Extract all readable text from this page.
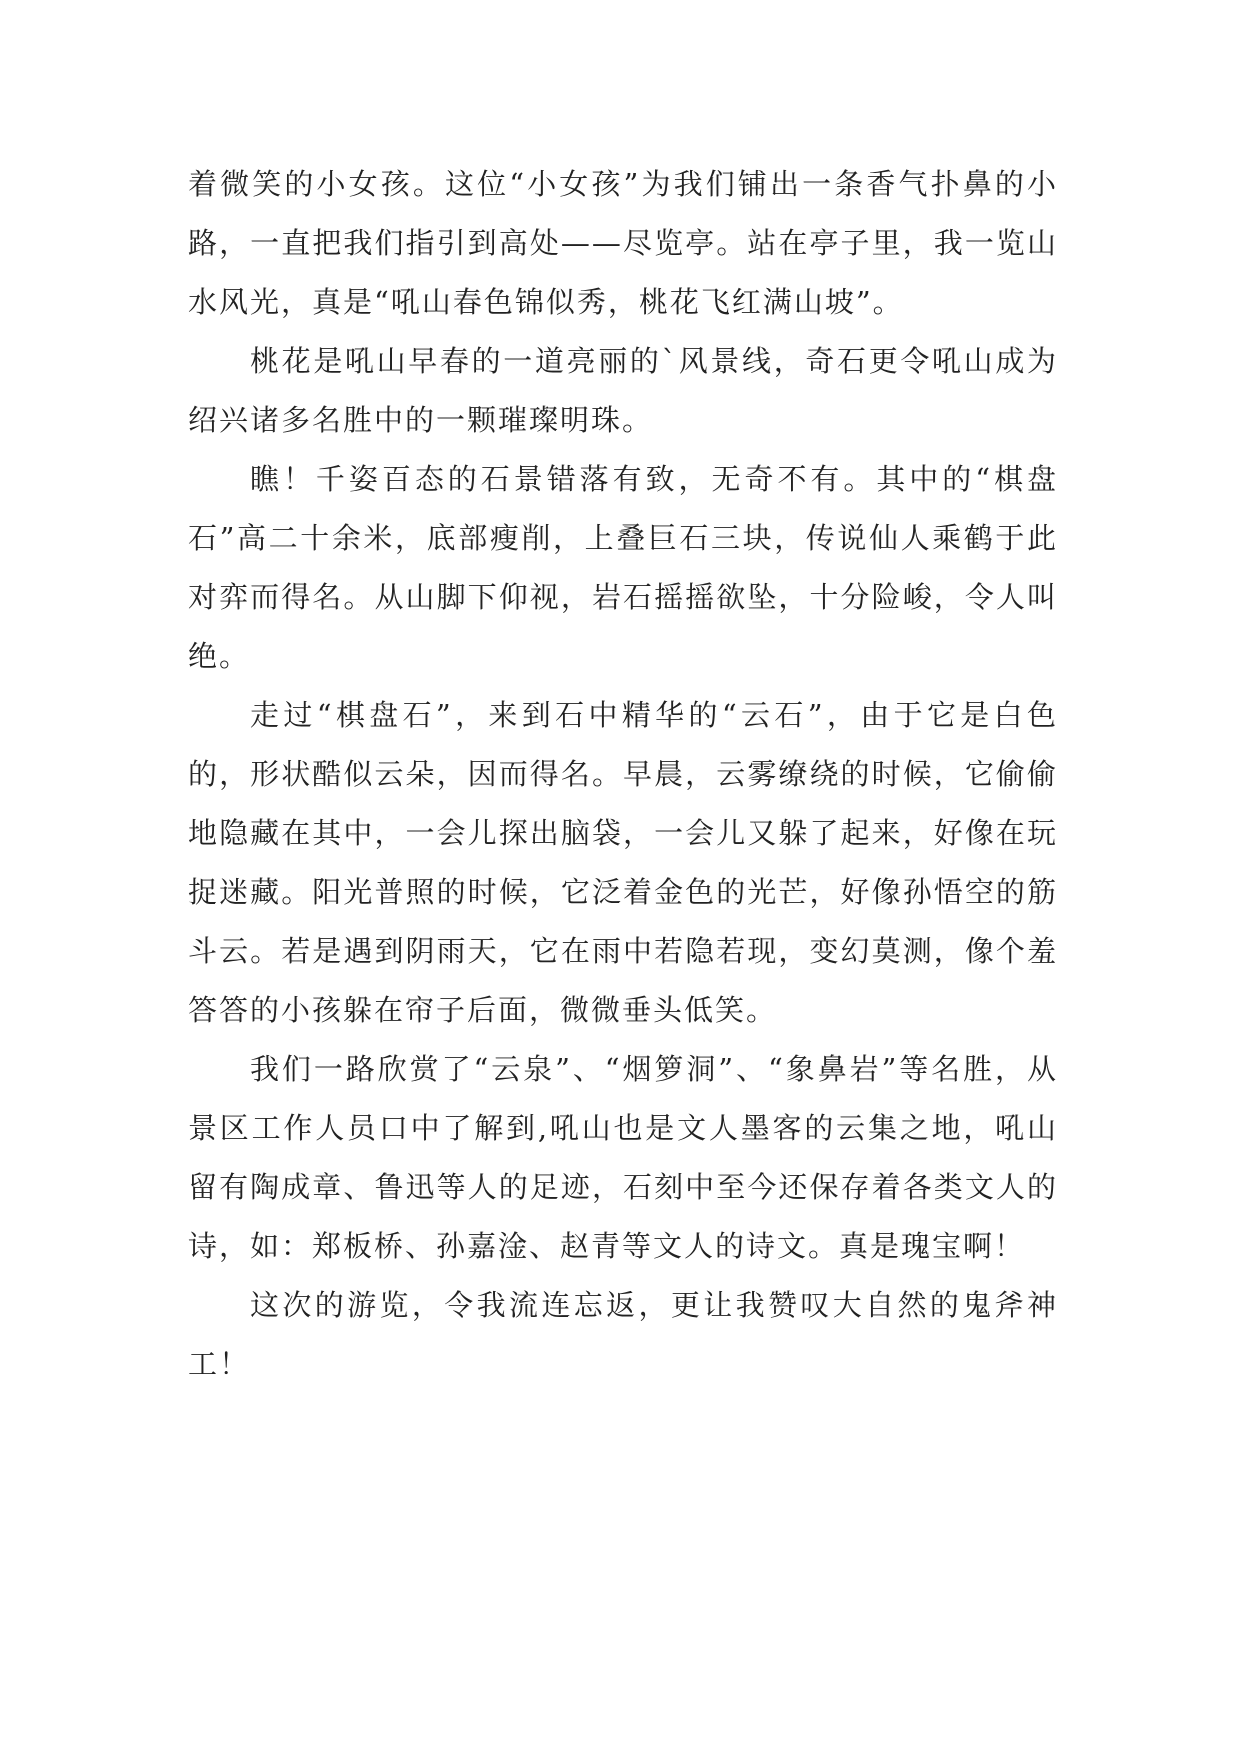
着微笑的小女孩。这位“小女孩”为我们铺出一条香气扑鼻的小路，一直把我们指引到高处——尽览亭。站在亭子里，我一览山水风光，真是“吼山春色锦似秀，桃花飞红满山坡”。

桃花是吼山早春的一道亮丽的`风景线，奇石更令吼山成为绍兴诸多名胜中的一颗璀璨明珠。

瞧！千姿百态的石景错落有致，无奇不有。其中的“棋盘石”高二十余米，底部瘦削，上叠巨石三块，传说仙人乘鹤于此对弈而得名。从山脚下仰视，岩石摇摇欲坠，十分险峻，令人叫绝。

走过“棋盘石”，来到石中精华的“云石”，由于它是白色的，形状酷似云朵，因而得名。早晨，云雾缭绕的时候，它偷偷地隐藏在其中，一会儿探出脑袋，一会儿又躲了起来，好像在玩捉迷藏。阳光普照的时候，它泛着金色的光芒，好像孙悟空的筋斗云。若是遇到阴雨天，它在雨中若隐若现，变幻莫测，像个羞答答的小孩躲在帘子后面，微微垂头低笑。

我们一路欣赏了“云泉”、“烟箩洞”、“象鼻岩”等名胜，从景区工作人员口中了解到,吼山也是文人墨客的云集之地，吼山留有陶成章、鲁迅等人的足迹，石刻中至今还保存着各类文人的诗，如：郑板桥、孙嘉淦、赵青等文人的诗文。真是瑰宝啊！

这次的游览，令我流连忘返，更让我赞叹大自然的鬼斧神工！
